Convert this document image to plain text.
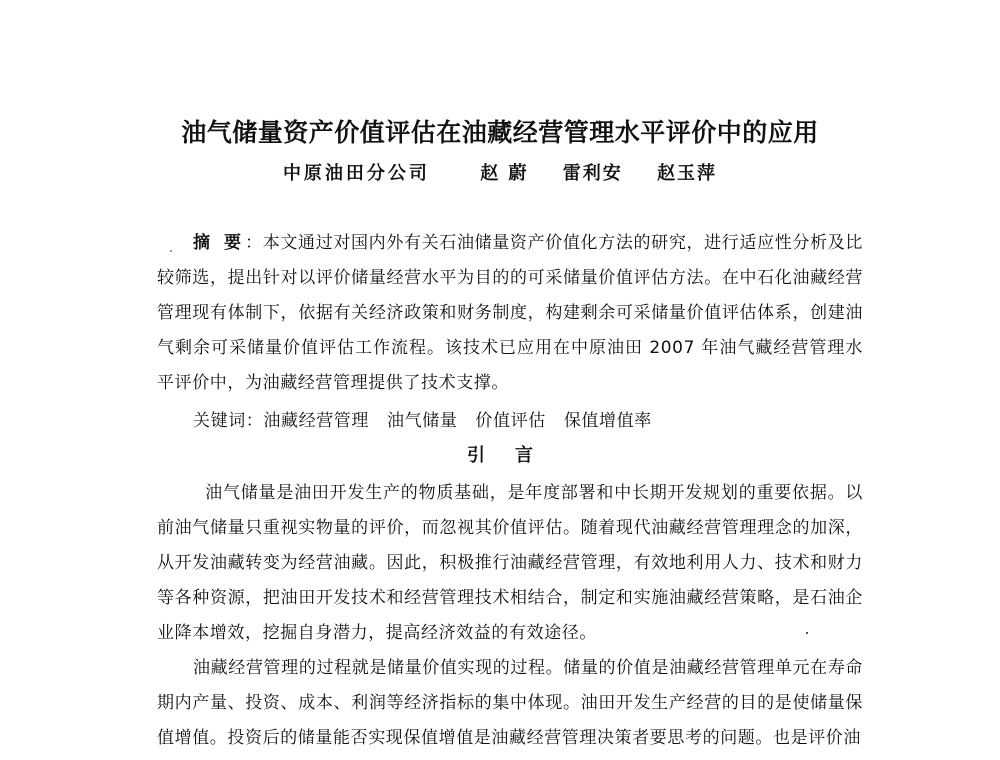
油气储量资产价值评估在油藏经营管理水平评价中的应用
中原油田分公司	赵 蔚 雷利安 赵玉萍
摘 要：本文通过对国内外有关石油储量资产价值化方法的研究，进行适应性分析及比较筛选，提出针对以评价储量经营水平为目的的可采储量价值评估方法。在中石化油藏经营管理现有体制下，依据有关经济政策和财务制度，构建剩余可采储量价值评估体系，创建油气剩余可采储量价值评估工作流程。该技术已应用在中原油田 2007 年油气藏经营管理水平评价中，为油藏经营管理提供了技术支撑。
关键词：油藏经营管理 油气储量 价值评估 保值增值率
引言
油气储量是油田开发生产的物质基础，是年度部署和中长期开发规划的重要依据。以前油气储量只重视实物量的评价，而忽视其价值评估。随着现代油藏经营管理理念的加深，从开发油藏转变为经营油藏。因此，积极推行油藏经营管理，有效地利用人力、技术和财力等各种资源，把油田开发技术和经营管理技术相结合，制定和实施油藏经营策略，是石油企业降本增效，挖掘自身潜力，提高经济效益的有效途径。
油藏经营管理的过程就是储量价值实现的过程。储量的价值是油藏经营管理单元在寿命期内产量、投资、成本、利润等经济指标的集中体现。油田开发生产经营的目的是使储量保值增值。投资后的储量能否实现保值增值是油藏经营管理决策者要思考的问题。也是评价油
